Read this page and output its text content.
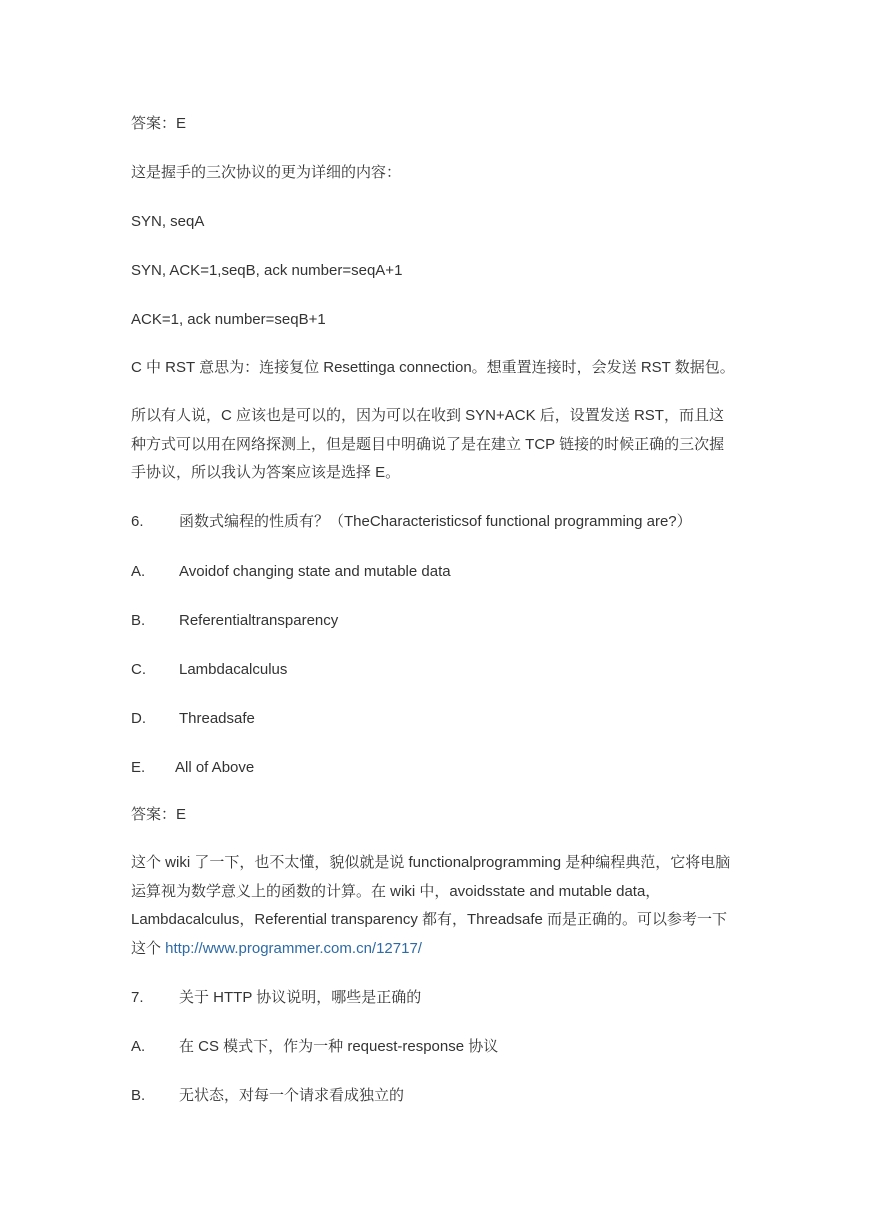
答案：E
这是握手的三次协议的更为详细的内容：
SYN, seqA
SYN, ACK=1,seqB, ack number=seqA+1
ACK=1, ack number=seqB+1
C 中 RST 意思为：连接复位 Resettinga connection。想重置连接时，会发送 RST 数据包。
所以有人说，C 应该也是可以的，因为可以在收到 SYN+ACK 后，设置发送 RST，而且这
种方式可以用在网络探测上，但是题目中明确说了是在建立 TCP 链接的时候正确的三次握
手协议，所以我认为答案应该是选择 E。
6. 函数式编程的性质有？（TheCharacteristicsof functional programming are?）
A. Avoidof changing state and mutable data
B. Referentialtransparency
C. Lambdacalculus
D. Threadsafe
E. All of Above
答案：E
这个 wiki 了一下，也不太懂，貌似就是说 functionalprogramming 是种编程典范，它将电脑
运算视为数学意义上的函数的计算。在 wiki 中，avoidsstate and mutable data，
Lambdacalculus，Referential transparency 都有，Threadsafe 而是正确的。可以参考一下
这个 http://www.programmer.com.cn/12717/
7. 关于 HTTP 协议说明，哪些是正确的
A. 在 CS 模式下，作为一种 request-response 协议
B. 无状态，对每一个请求看成独立的
